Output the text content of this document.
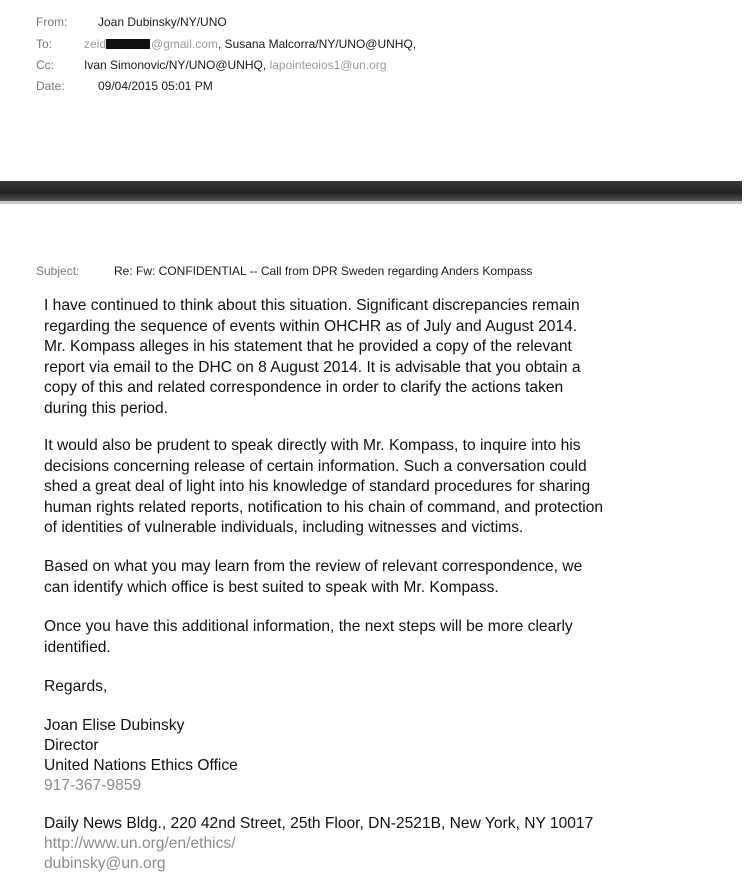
From:	Joan Dubinsky/NY/UNO
To:	zeid	@gmail.com, Susana Malcorra/NY/UNO@UNHQ,
Cc:	Ivan Simonovic/NY/UNO@UNHQ, lapointeoios1@un.org
Date:	09/04/2015 05:01 PM
Subject:	Re: Fw: CONFIDENTIAL -- Call from DPR Sweden regarding Anders Kompass

I have continued to think about this situation. Significant discrepancies remain
regarding the sequence of events within OHCHR as of July and August 2014.
Mr. Kompass alleges in his statement that he provided a copy of the relevant
report via email to the DHC on 8 August 2014. It is advisable that you obtain a
copy of this and related correspondence in order to clarify the actions taken
during this period.

It would also be prudent to speak directly with Mr. Kompass, to inquire into his
decisions concerning release of certain information. Such a conversation could
shed a great deal of light into his knowledge of standard procedures for sharing
human rights related reports, notification to his chain of command, and protection
of identities of vulnerable individuals, including witnesses and victims.

Based on what you may learn from the review of relevant correspondence, we
can identify which office is best suited to speak with Mr. Kompass.

Once you have this additional information, the next steps will be more clearly
identified.

Regards,

Joan Elise Dubinsky
Director
United Nations Ethics Office
917-367-9859
Daily News Bldg., 220 42nd Street, 25th Floor, DN-2521B, New York, NY 10017
http://www.un.org/en/ethics/
dubinsky@un.org
